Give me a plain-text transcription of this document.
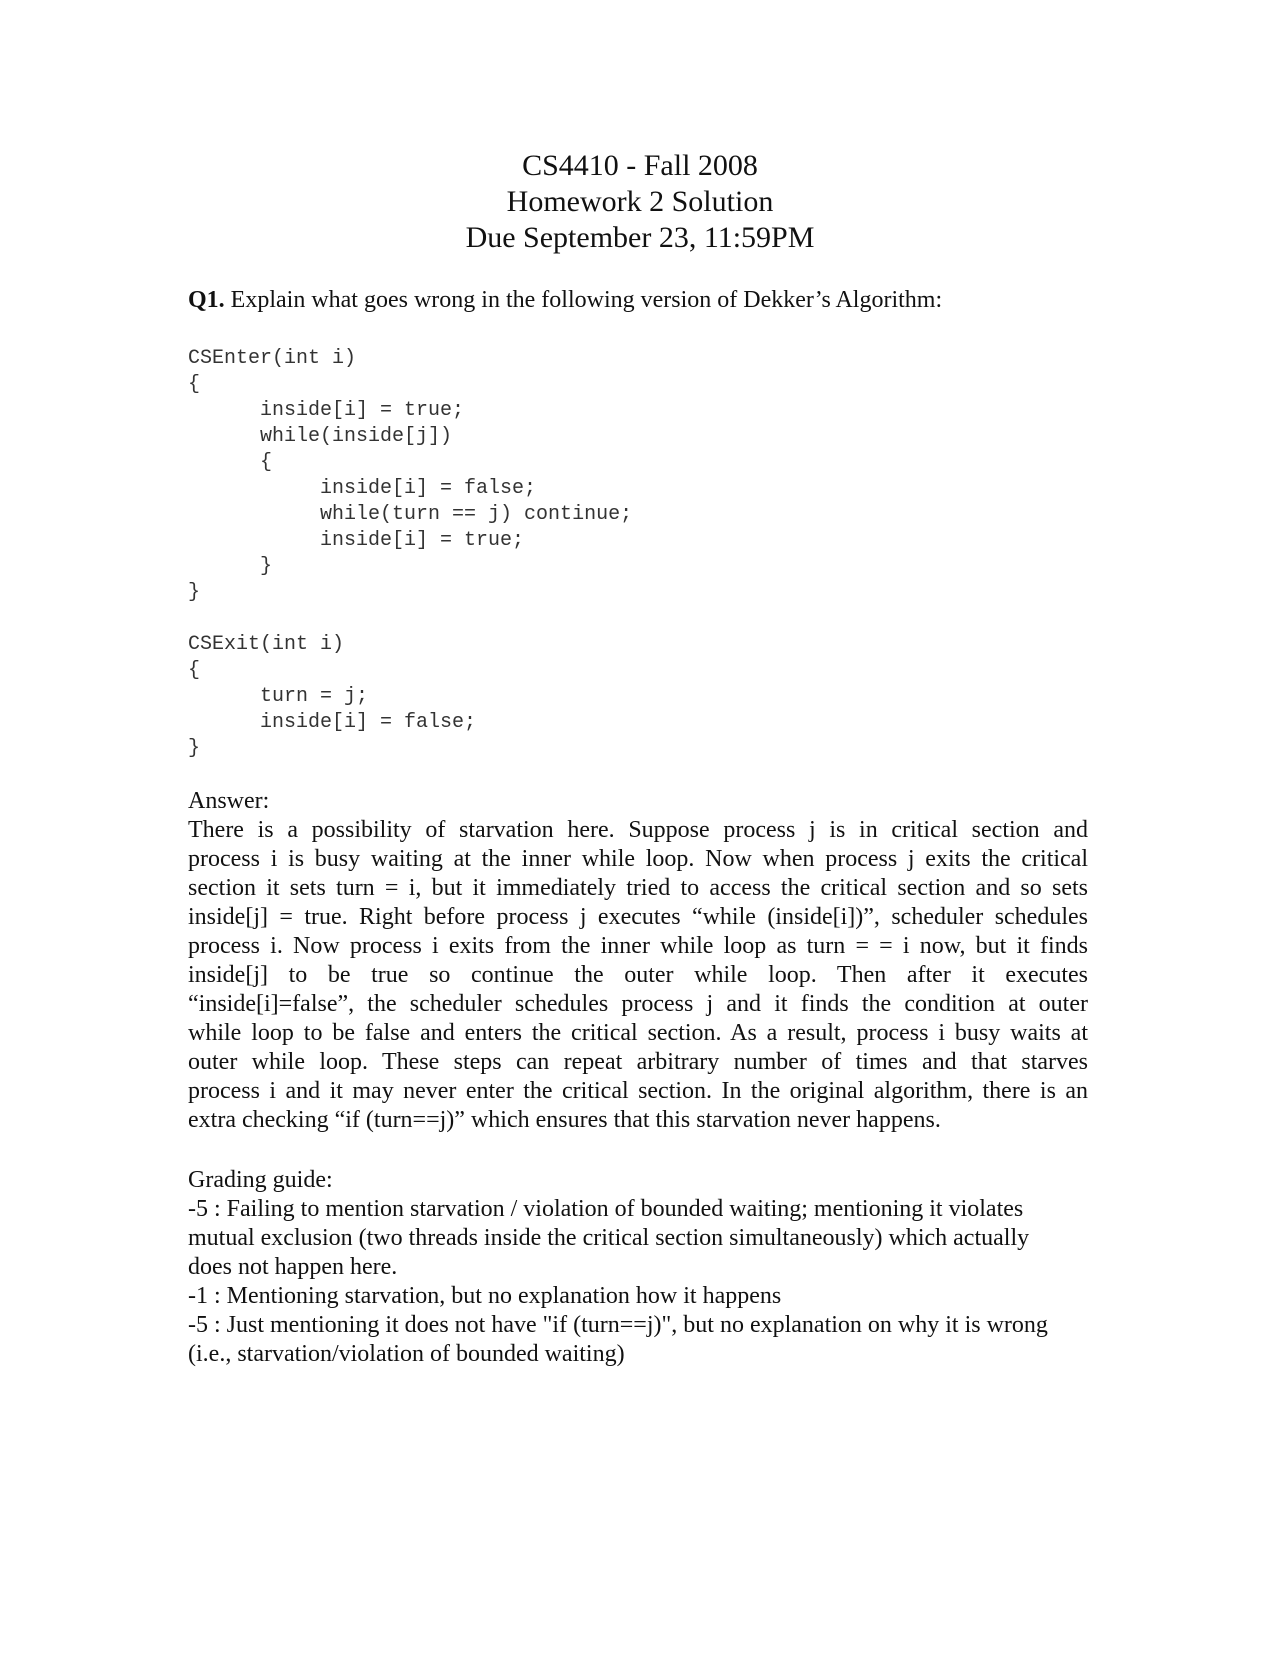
CS4410 - Fall 2008
Homework 2 Solution
Due September 23, 11:59PM
Q1. Explain what goes wrong in the following version of Dekker’s Algorithm:
CSEnter(int i)
{
inside[i] = true;
while(inside[j])
{
inside[i] = false;
while(turn == j) continue;
inside[i] = true;
}
}
CSExit(int i)
{
turn = j;
inside[i] = false;
}
Answer:
There is a possibility of starvation here. Suppose process j is in critical section and
process i is busy waiting at the inner while loop. Now when process j exits the critical
section it sets turn = i, but it immediately tried to access the critical section and so sets
inside[j] = true. Right before process j executes “while (inside[i])”, scheduler schedules
process i. Now process i exits from the inner while loop as turn = = i now, but it finds
inside[j] to be true so continue the outer while loop. Then after it executes
“inside[i]=false”, the scheduler schedules process j and it finds the condition at outer
while loop to be false and enters the critical section. As a result, process i busy waits at
outer while loop. These steps can repeat arbitrary number of times and that starves
process i and it may never enter the critical section. In the original algorithm, there is an
extra checking “if (turn==j)” which ensures that this starvation never happens.
Grading guide:
-5 : Failing to mention starvation / violation of bounded waiting; mentioning it violates
mutual exclusion (two threads inside the critical section simultaneously) which actually
does not happen here.
-1 : Mentioning starvation, but no explanation how it happens
-5 : Just mentioning it does not have "if (turn==j)", but no explanation on why it is wrong
(i.e., starvation/violation of bounded waiting)
